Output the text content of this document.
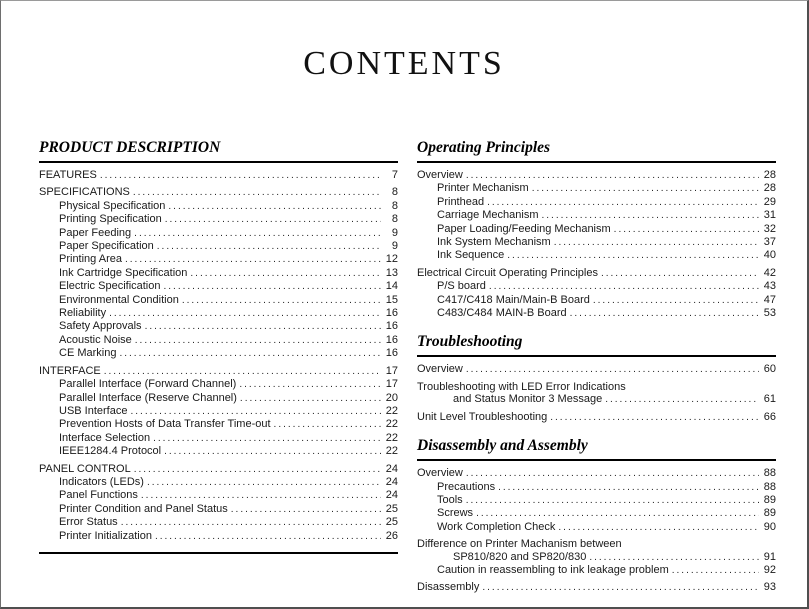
CONTENTS
PRODUCT DESCRIPTION
FEATURES .....	7
SPECIFICATIONS .....	8
Physical Specification .....	8
Printing Specification .....	8
Paper Feeding .....	9
Paper Specification .....	9
Printing Area .....	12
Ink Cartridge Specification .....	13
Electric Specification .....	14
Environmental Condition .....	15
Reliability .....	16
Safety Approvals .....	16
Acoustic Noise .....	16
CE Marking .....	16
INTERFACE .....	17
Parallel Interface (Forward Channel) .....	17
Parallel Interface (Reserve Channel) .....	20
USB Interface .....	22
Prevention Hosts of Data Transfer Time-out .....	22
Interface Selection .....	22
IEEE1284.4 Protocol .....	22
PANEL CONTROL .....	24
Indicators (LEDs) .....	24
Panel Functions .....	24
Printer Condition and Panel Status .....	25
Error Status .....	25
Printer Initialization .....	26
Operating Principles
Overview .....	28
Printer Mechanism .....	28
Printhead .....	29
Carriage Mechanism .....	31
Paper Loading/Feeding Mechanism .....	32
Ink System Mechanism .....	37
Ink Sequence .....	40
Electrical Circuit Operating Principles .....	42
P/S board .....	43
C417/C418 Main/Main-B Board .....	47
C483/C484 MAIN-B Board .....	53
Troubleshooting
Overview .....	60
Troubleshooting with LED Error Indications
and Status Monitor 3 Message .....	61
Unit Level Troubleshooting .....	66
Disassembly and Assembly
Overview .....	88
Precautions .....	88
Tools .....	89
Screws .....	89
Work Completion Check .....	90
Difference on Printer Machanism between
SP810/820 and SP820/830 .....	91
Caution in reassembling to ink leakage problem .....	92
Disassembly .....	93
